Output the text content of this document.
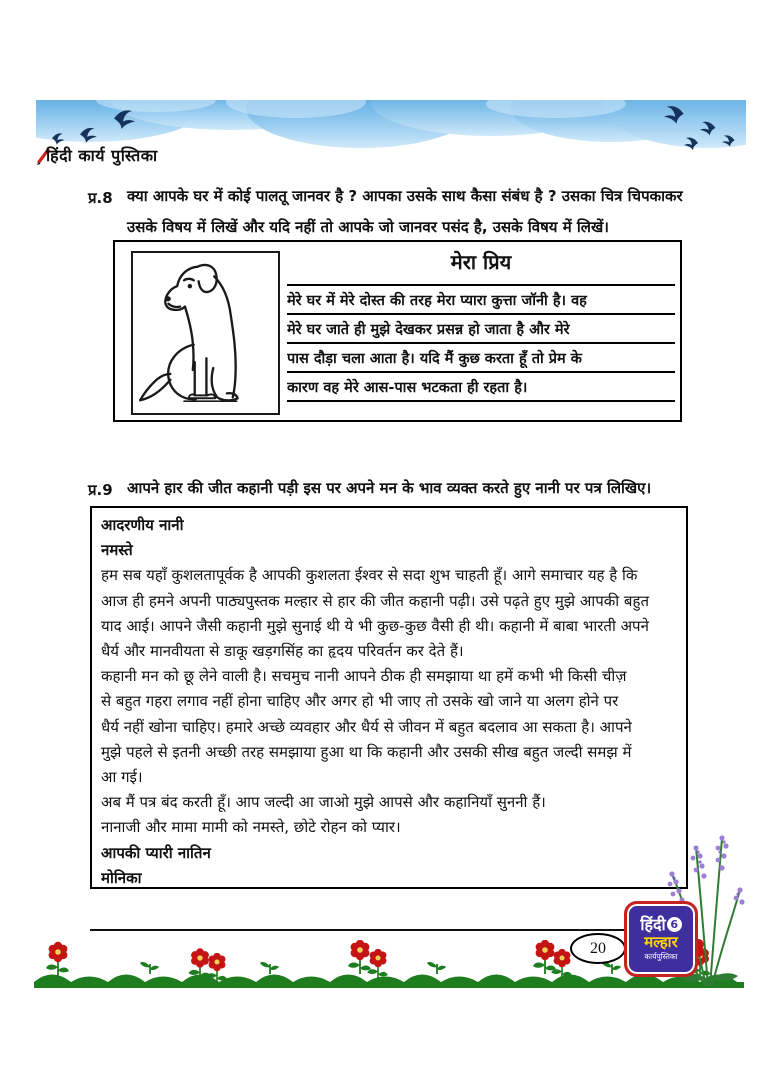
हिंदी कार्य पुस्तिका
प्र.8 क्या आपके घर में कोई पालतू जानवर है ? आपका उसके साथ कैसा संबंध है ? उसका चित्र चिपकाकर
उसके विषय में लिखें और यदि नहीं तो आपके जो जानवर पसंद है, उसके विषय में लिखें।
मेरा प्रिय
मेरे घर में मेरे दोस्त की तरह मेरा प्यारा कुत्ता जॉनी है। वह
मेरे घर जाते ही मुझे देखकर प्रसन्न हो जाता है और मेरे
पास दौड़ा चला आता है। यदि मैं कुछ करता हूँ तो प्रेम के
कारण वह मेरे आस-पास भटकता ही रहता है।
प्र.9 आपने हार की जीत कहानी पड़ी इस पर अपने मन के भाव व्यक्त करते हुए नानी पर पत्र लिखिए।
आदरणीय नानी
नमस्ते
हम सब यहाँ कुशलतापूर्वक है आपकी कुशलता ईश्वर से सदा शुभ चाहती हूँ। आगे समाचार यह है कि
आज ही हमने अपनी पाठ्यपुस्तक मल्हार से हार की जीत कहानी पढ़ी। उसे पढ़ते हुए मुझे आपकी बहुत
याद आई। आपने जैसी कहानी मुझे सुनाई थी ये भी कुछ-कुछ वैसी ही थी। कहानी में बाबा भारती अपने
धैर्य और मानवीयता से डाकू खड़गसिंह का हृदय परिवर्तन कर देते हैं।
कहानी मन को छू लेने वाली है। सचमुच नानी आपने ठीक ही समझाया था हमें कभी भी किसी चीज़
से बहुत गहरा लगाव नहीं होना चाहिए और अगर हो भी जाए तो उसके खो जाने या अलग होने पर
धैर्य नहीं खोना चाहिए। हमारे अच्छे व्यवहार और धैर्य से जीवन में बहुत बदलाव आ सकता है। आपने
मुझे पहले से इतनी अच्छी तरह समझाया हुआ था कि कहानी और उसकी सीख बहुत जल्दी समझ में
आ गई।
अब मैं पत्र बंद करती हूँ। आप जल्दी आ जाओ मुझे आपसे और कहानियाँ सुननी हैं।
नानाजी और मामा मामी को नमस्ते, छोटे रोहन को प्यार।
आपकी प्यारी नातिन
मोनिका
20
हिंदी 6
मल्हार
कार्यपुस्तिका
